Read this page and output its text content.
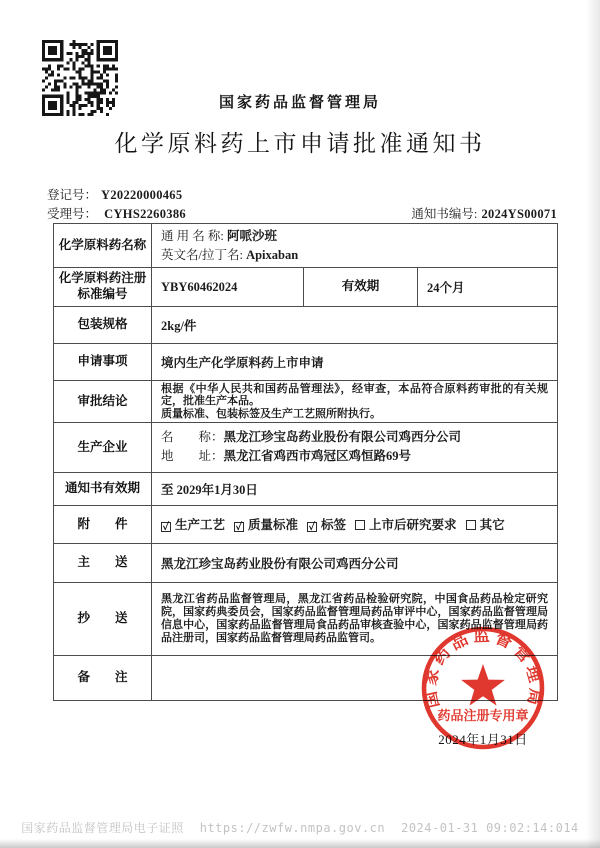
国家药品监督管理局
化学原料药上市申请批准通知书
登记号： Y20220000465
受理号： CYHS2260386	通知书编号: 2024YS00071
化学原料药名称	通 用 名 称: 阿哌沙班
英文名/拉丁名: Apixaban		

化学原料药注册标准编号	YBY60462024	有效期	24个月
包装规格	2kg/件		
申请事项	境内生产化学原料药上市申请		
审批结论	根据《中华人民共和国药品管理法》，经审查，本品符合原料药审批的有关规定，批准生产本品。
质量标准、包装标签及生产工艺照所附执行。		

生产企业	名　　称：黑龙江珍宝岛药业股份有限公司鸡西分公司
地　　址：黑龙江省鸡西市鸡冠区鸡恒路69号		

通知书有效期	至 2029年1月30日		
附　　件	✓ 生产工艺 ✓ 质量标准 ✓ 标签 上市后研究要求 其它		
主　　送	黑龙江珍宝岛药业股份有限公司鸡西分公司		
抄　　送	黑龙江省药品监督管理局，黑龙江省药品检验研究院，中国食品药品检定研究院，国家药典委员会，国家药品监督管理局药品审评中心，国家药品监督管理局信息中心，国家药品监督管理局食品药品审核查验中心，国家药品监督管理局药品注册司，国家药品监督管理局药品监管司。		
备　　注			
2024年1月31日
国家药品监督管理局
药品注册专用章
国家药品监督管理局电子证照 https://zwfw.nmpa.gov.cn 2024-01-31 09:02:14:014
